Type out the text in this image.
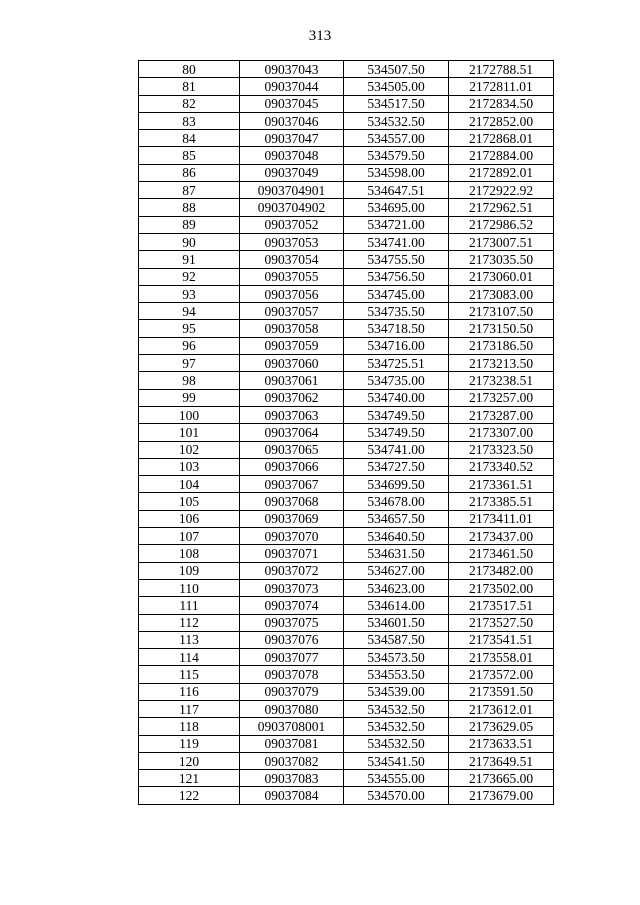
313
80	09037043	534507.50	2172788.51
81	09037044	534505.00	2172811.01
82	09037045	534517.50	2172834.50
83	09037046	534532.50	2172852.00
84	09037047	534557.00	2172868.01
85	09037048	534579.50	2172884.00
86	09037049	534598.00	2172892.01
87	0903704901	534647.51	2172922.92
88	0903704902	534695.00	2172962.51
89	09037052	534721.00	2172986.52
90	09037053	534741.00	2173007.51
91	09037054	534755.50	2173035.50
92	09037055	534756.50	2173060.01
93	09037056	534745.00	2173083.00
94	09037057	534735.50	2173107.50
95	09037058	534718.50	2173150.50
96	09037059	534716.00	2173186.50
97	09037060	534725.51	2173213.50
98	09037061	534735.00	2173238.51
99	09037062	534740.00	2173257.00
100	09037063	534749.50	2173287.00
101	09037064	534749.50	2173307.00
102	09037065	534741.00	2173323.50
103	09037066	534727.50	2173340.52
104	09037067	534699.50	2173361.51
105	09037068	534678.00	2173385.51
106	09037069	534657.50	2173411.01
107	09037070	534640.50	2173437.00
108	09037071	534631.50	2173461.50
109	09037072	534627.00	2173482.00
110	09037073	534623.00	2173502.00
111	09037074	534614.00	2173517.51
112	09037075	534601.50	2173527.50
113	09037076	534587.50	2173541.51
114	09037077	534573.50	2173558.01
115	09037078	534553.50	2173572.00
116	09037079	534539.00	2173591.50
117	09037080	534532.50	2173612.01
118	0903708001	534532.50	2173629.05
119	09037081	534532.50	2173633.51
120	09037082	534541.50	2173649.51
121	09037083	534555.00	2173665.00
122	09037084	534570.00	2173679.00
